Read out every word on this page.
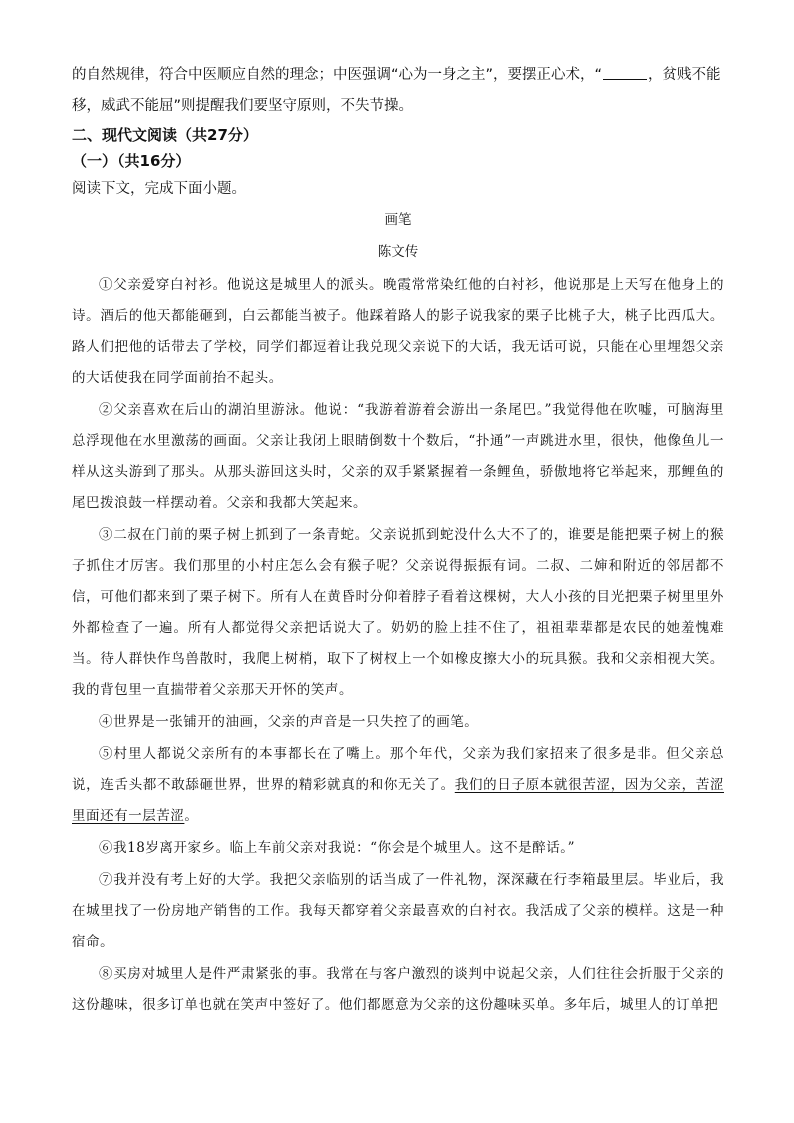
的自然规律，符合中医顺应自然的理念；中医强调“心为一身之主”，要摆正心术，“	，贫贱不能

移，威武不能屈”则提醒我们要坚守原则，不失节操。

二、现代文阅读（共27分）

（一）（共16分）

阅读下文，完成下面小题。

画笔

陈文传

①父亲爱穿白衬衫。他说这是城里人的派头。晚霞常常染红他的白衬衫，他说那是上天写在他身上的诗。酒后的他天都能砸到，白云都能当被子。他踩着路人的影子说我家的栗子比桃子大，桃子比西瓜大。路人们把他的话带去了学校，同学们都逗着让我兑现父亲说下的大话，我无话可说，只能在心里埋怨父亲的大话使我在同学面前抬不起头。

②父亲喜欢在后山的湖泊里游泳。他说：“我游着游着会游出一条尾巴。”我觉得他在吹嘘，可脑海里总浮现他在水里激荡的画面。父亲让我闭上眼睛倒数十个数后，“扑通”一声跳进水里，很快，他像鱼儿一样从这头游到了那头。从那头游回这头时，父亲的双手紧紧握着一条鲤鱼，骄傲地将它举起来，那鲤鱼的尾巴拨浪鼓一样摆动着。父亲和我都大笑起来。

③二叔在门前的栗子树上抓到了一条青蛇。父亲说抓到蛇没什么大不了的，谁要是能把栗子树上的猴子抓住才厉害。我们那里的小村庄怎么会有猴子呢？父亲说得振振有词。二叔、二婶和附近的邻居都不信，可他们都来到了栗子树下。所有人在黄昏时分仰着脖子看着这棵树，大人小孩的目光把栗子树里里外外都检查了一遍。所有人都觉得父亲把话说大了。奶奶的脸上挂不住了，祖祖辈辈都是农民的她羞愧难当。待人群快作鸟兽散时，我爬上树梢，取下了树杈上一个如橡皮擦大小的玩具猴。我和父亲相视大笑。我的背包里一直揣带着父亲那天开怀的笑声。

④世界是一张铺开的油画，父亲的声音是一只失控了的画笔。

⑤村里人都说父亲所有的本事都长在了嘴上。那个年代，父亲为我们家招来了很多是非。但父亲总说，连舌头都不敢舔砸世界，世界的精彩就真的和你无关了。我们的日子原本就很苦涩，因为父亲，苦涩里面还有一层苦涩。

⑥我18岁离开家乡。临上车前父亲对我说：“你会是个城里人。这不是醉话。”

⑦我并没有考上好的大学。我把父亲临别的话当成了一件礼物，深深藏在行李箱最里层。毕业后，我在城里找了一份房地产销售的工作。我每天都穿着父亲最喜欢的白衬衣。我活成了父亲的模样。这是一种宿命。

⑧买房对城里人是件严肃紧张的事。我常在与客户激烈的谈判中说起父亲，人们往往会折服于父亲的这份趣味，很多订单也就在笑声中签好了。他们都愿意为父亲的这份趣味买单。多年后，城里人的订单把
